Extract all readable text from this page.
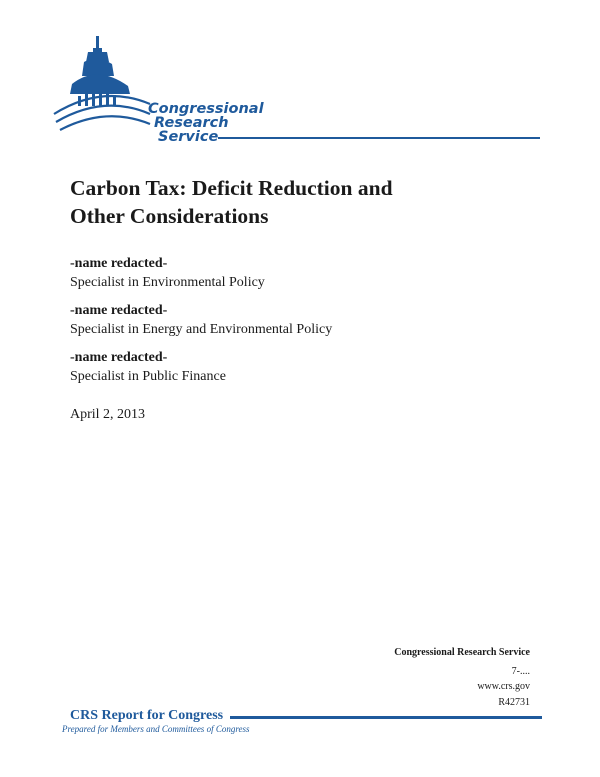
Congressional
Research
Service
Carbon Tax: Deficit Reduction and
Other Considerations
-name redacted-
Specialist in Environmental Policy
-name redacted-
Specialist in Energy and Environmental Policy
-name redacted-
Specialist in Public Finance
April 2, 2013
Congressional Research Service
7-....
www.crs.gov
R42731
CRS Report for Congress
Prepared for Members and Committees of Congress
